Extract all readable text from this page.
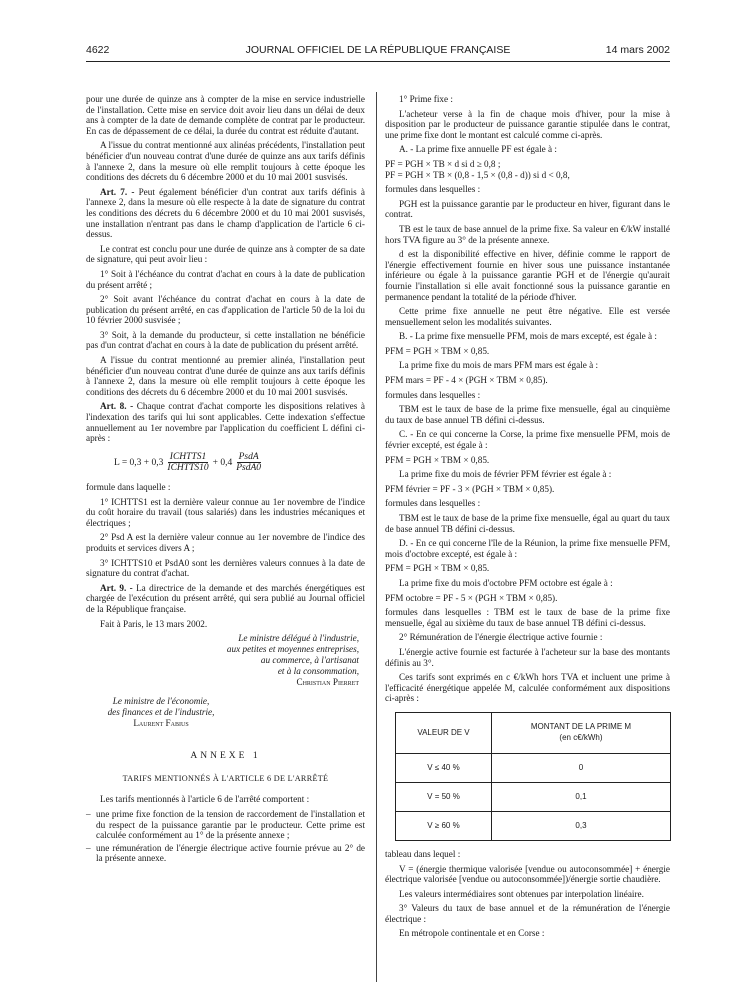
4622	JOURNAL OFFICIEL DE LA RÉPUBLIQUE FRANÇAISE	14 mars 2002

pour une durée de quinze ans à compter de la mise en service industrielle de l'installation. Cette mise en service doit avoir lieu dans un délai de deux ans à compter de la date de demande complète de contrat par le producteur. En cas de dépassement de ce délai, la durée du contrat est réduite d'autant.

A l'issue du contrat mentionné aux alinéas précédents, l'installation peut bénéficier d'un nouveau contrat d'une durée de quinze ans aux tarifs définis à l'annexe 2, dans la mesure où elle remplit toujours à cette époque les conditions des décrets du 6 décembre 2000 et du 10 mai 2001 susvisés.

Art. 7. - Peut également bénéficier d'un contrat aux tarifs définis à l'annexe 2, dans la mesure où elle respecte à la date de signature du contrat les conditions des décrets du 6 décembre 2000 et du 10 mai 2001 susvisés, une installation n'entrant pas dans le champ d'application de l'article 6 ci-dessus.

Le contrat est conclu pour une durée de quinze ans à compter de sa date de signature, qui peut avoir lieu :

1° Soit à l'échéance du contrat d'achat en cours à la date de publication du présent arrêté ;

2° Soit avant l'échéance du contrat d'achat en cours à la date de publication du présent arrêté, en cas d'application de l'article 50 de la loi du 10 février 2000 susvisée ;

3° Soit, à la demande du producteur, si cette installation ne bénéficie pas d'un contrat d'achat en cours à la date de publication du présent arrêté.

A l'issue du contrat mentionné au premier alinéa, l'installation peut bénéficier d'un nouveau contrat d'une durée de quinze ans aux tarifs définis à l'annexe 2, dans la mesure où elle remplit toujours à cette époque les conditions des décrets du 6 décembre 2000 et du 10 mai 2001 susvisés.

Art. 8. - Chaque contrat d'achat comporte les dispositions relatives à l'indexation des tarifs qui lui sont applicables. Cette indexation s'effectue annuellement au 1er novembre par l'application du coefficient L défini ci-après :

$L = 0,3 + 0,3 \frac{\text{ICHTTS1}}{\text{ICHTTS10}} + 0,4 \frac{\text{PsdA}}{\text{PsdA0}}$

formule dans laquelle :

1° ICHTTS1 est la dernière valeur connue au 1er novembre de l'indice du coût horaire du travail (tous salariés) dans les industries mécaniques et électriques ;

2° Psd A est la dernière valeur connue au 1er novembre de l'indice des produits et services divers A ;

3° ICHTTS10 et PsdA0 sont les dernières valeurs connues à la date de signature du contrat d'achat.

Art. 9. - La directrice de la demande et des marchés énergétiques est chargée de l'exécution du présent arrêté, qui sera publié au Journal officiel de la République française.

Fait à Paris, le 13 mars 2002.

Le ministre délégué à l'industrie,
aux petites et moyennes entreprises,
au commerce, à l'artisanat
et à la consommation,
Christian Pierret
Le ministre de l'économie,
des finances et de l'industrie,
Laurent Fabius
ANNEXE 1
TARIFS MENTIONNÉS À L'ARTICLE 6 DE L'ARRÊTÉ

Les tarifs mentionnés à l'article 6 de l'arrêté comportent :

– une prime fixe fonction de la tension de raccordement de l'installation et du respect de la puissance garantie par le producteur. Cette prime est calculée conformément au 1° de la présente annexe ;
– une rémunération de l'énergie électrique active fournie prévue au 2° de la présente annexe.

1° Prime fixe :

L'acheteur verse à la fin de chaque mois d'hiver, pour la mise à disposition par le producteur de puissance garantie stipulée dans le contrat, une prime fixe dont le montant est calculé comme ci-après.

A. - La prime fixe annuelle PF est égale à :

PF = PGH × TB × d si d ≥ 0,8 ;

PF = PGH × TB × (0,8 - 1,5 × (0,8 - d)) si d < 0,8,

formules dans lesquelles :

PGH est la puissance garantie par le producteur en hiver, figurant dans le contrat.

TB est le taux de base annuel de la prime fixe. Sa valeur en €/kW installé hors TVA figure au 3° de la présente annexe.

d est la disponibilité effective en hiver, définie comme le rapport de l'énergie effectivement fournie en hiver sous une puissance instantanée inférieure ou égale à la puissance garantie PGH et de l'énergie qu'aurait fournie l'installation si elle avait fonctionné sous la puissance garantie en permanence pendant la totalité de la période d'hiver.

Cette prime fixe annuelle ne peut être négative. Elle est versée mensuellement selon les modalités suivantes.

B. - La prime fixe mensuelle PFM, mois de mars excepté, est égale à :

PFM = PGH × TBM × 0,85.

La prime fixe du mois de mars PFM mars est égale à :

PFM mars = PF - 4 × (PGH × TBM × 0,85).

formules dans lesquelles :

TBM est le taux de base de la prime fixe mensuelle, égal au cinquième du taux de base annuel TB défini ci-dessus.

C. - En ce qui concerne la Corse, la prime fixe mensuelle PFM, mois de février excepté, est égale à :

PFM = PGH × TBM × 0,85.

La prime fixe du mois de février PFM février est égale à :

PFM février = PF - 3 × (PGH × TBM × 0,85).

formules dans lesquelles :

TBM est le taux de base de la prime fixe mensuelle, égal au quart du taux de base annuel TB défini ci-dessus.

D. - En ce qui concerne l'île de la Réunion, la prime fixe mensuelle PFM, mois d'octobre excepté, est égale à :

PFM = PGH × TBM × 0,85.

La prime fixe du mois d'octobre PFM octobre est égale à :

PFM octobre = PF - 5 × (PGH × TBM × 0,85).

formules dans lesquelles : TBM est le taux de base de la prime fixe mensuelle, égal au sixième du taux de base annuel TB défini ci-dessus.

2° Rémunération de l'énergie électrique active fournie :

L'énergie active fournie est facturée à l'acheteur sur la base des montants définis au 3°.

Ces tarifs sont exprimés en c €/kWh hors TVA et incluent une prime à l'efficacité énergétique appelée M, calculée conformément aux dispositions ci-après :

VALEUR DE V	MONTANT DE LA PRIME M
(en c€/kWh)

V ≤ 40 %	0
V = 50 %	0,1
V ≥ 60 %	0,3

tableau dans lequel :

V = (énergie thermique valorisée [vendue ou autoconsommée] + énergie électrique valorisée [vendue ou autoconsommée])/énergie sortie chaudière.

Les valeurs intermédiaires sont obtenues par interpolation linéaire.

3° Valeurs du taux de base annuel et de la rémunération de l'énergie électrique :

En métropole continentale et en Corse :
